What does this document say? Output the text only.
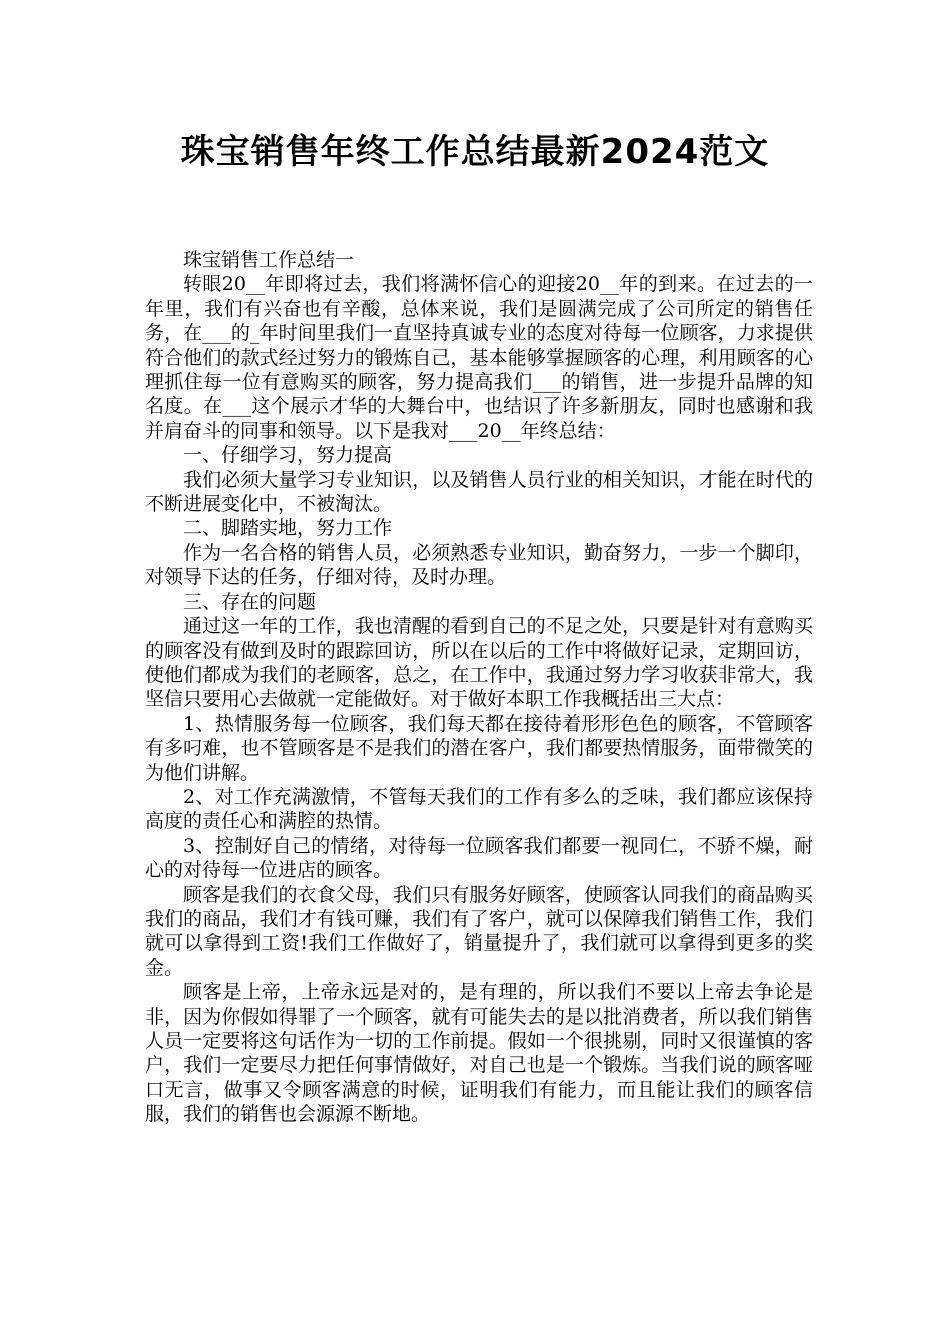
珠宝销售年终工作总结最新2024范文

珠宝销售工作总结一

转眼20__年即将过去，我们将满怀信心的迎接20__年的到来。在过去的一年里，我们有兴奋也有辛酸，总体来说，我们是圆满完成了公司所定的销售任务，在___的_年时间里我们一直坚持真诚专业的态度对待每一位顾客，力求提供符合他们的款式经过努力的锻炼自己，基本能够掌握顾客的心理，利用顾客的心理抓住每一位有意购买的顾客，努力提高我们___的销售，进一步提升品牌的知名度。在___这个展示才华的大舞台中，也结识了许多新朋友，同时也感谢和我并肩奋斗的同事和领导。以下是我对___20__年终总结：

一、仔细学习，努力提高

我们必须大量学习专业知识，以及销售人员行业的相关知识，才能在时代的不断进展变化中，不被淘汰。

二、脚踏实地，努力工作

作为一名合格的销售人员，必须熟悉专业知识，勤奋努力，一步一个脚印，对领导下达的任务，仔细对待，及时办理。

三、存在的问题

通过这一年的工作，我也清醒的看到自己的不足之处，只要是针对有意购买的顾客没有做到及时的跟踪回访，所以在以后的工作中将做好记录，定期回访，使他们都成为我们的老顾客，总之，在工作中，我通过努力学习收获非常大，我坚信只要用心去做就一定能做好。对于做好本职工作我概括出三大点：

1、热情服务每一位顾客，我们每天都在接待着形形色色的顾客，不管顾客有多叼难，也不管顾客是不是我们的潜在客户，我们都要热情服务，面带微笑的为他们讲解。

2、对工作充满激情，不管每天我们的工作有多么的乏味，我们都应该保持高度的责任心和满腔的热情。

3、控制好自己的情绪，对待每一位顾客我们都要一视同仁，不骄不燥，耐心的对待每一位进店的顾客。

顾客是我们的衣食父母，我们只有服务好顾客，使顾客认同我们的商品购买我们的商品，我们才有钱可赚，我们有了客户，就可以保障我们销售工作，我们就可以拿得到工资!我们工作做好了，销量提升了，我们就可以拿得到更多的奖金。

顾客是上帝，上帝永远是对的，是有理的，所以我们不要以上帝去争论是非，因为你假如得罪了一个顾客，就有可能失去的是以批消费者，所以我们销售人员一定要将这句话作为一切的工作前提。假如一个很挑剔，同时又很谨慎的客户，我们一定要尽力把任何事情做好，对自己也是一个锻炼。当我们说的顾客哑口无言，做事又令顾客满意的时候，证明我们有能力，而且能让我们的顾客信服，我们的销售也会源源不断地。
